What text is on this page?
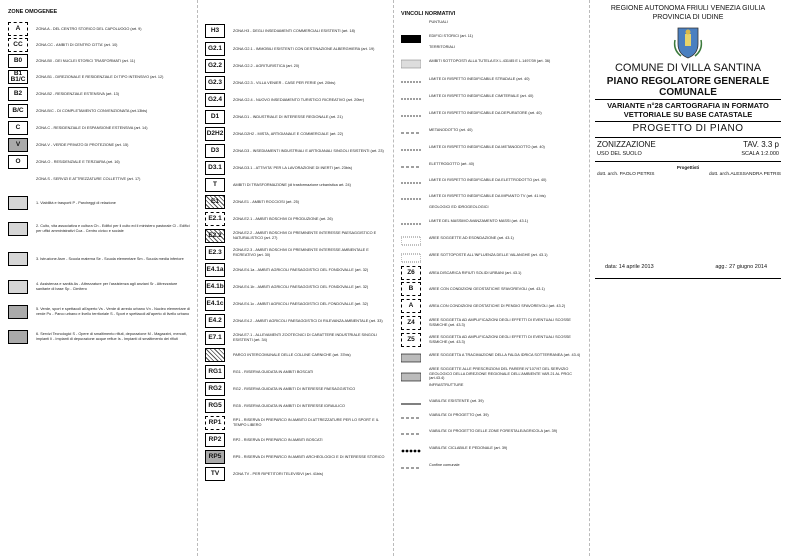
ZONE OMOGENEE
A	ZONA A - DEL CENTRO STORICO DEL CAPOLUOGO (art. 9)
CC	ZONA CC - AMBITI DI CENTRO CITTA' (art. 10)
B0	ZONA B0 - DEI NUCLEI STORICI TRASFORMATI (art. 11)
B1 B1/C	ZONA B1 - DIREZIONALE E RESIDENZIALE DI TIPO INTENSIVO (art. 12)
B2	ZONA B2 - RESIDENZIALE ESTENSIVA (art. 13)
B/C	ZONA B/C - DI COMPLETAMENTO CONVENZIONATA (art.13bis)
C	ZONA C - RESIDENZIALE DI ESPANSIONE ESTENSIVA (art. 14)
V	ZONA V - VERDE PRIVATO DI PROTEZIONE (art. 15)
O	ZONA O - RESIDENZIALE E TERZIARIA (art. 16)
ZONA S - SERVIZI E ATTREZZATURE COLLETTIVE (art. 17)
1. Viabilità e trasporti P - Parcheggi di relazione
2. Culto, vita associativa e cultura Ch - Edifici per il culto ed il ministero pastorale Cl - Edifici per uffici amministrativi Cca - Centro civico e sociale
3. Istruzione Asm - Scuola materna Se - Scuola elementare Sm - Scuola media inferiore
4. Assistenza e sanità As - Attrezzature per l'assistenza agli anziani Sr - Attrezzature sanitarie di base Sp - Cimitero
5. Verde, sport e spettacoli all'aperto Vs - Verde di arredo urbano Vn - Nucleo elementare di verde Pu - Parco urbano e livello territoriale S - Sport e spettacoli all'aperto di livello urbano
6. Servizi Tecnologici S - Opere di smaltimento rifiuti, depurazione M - Magazzini, mercati, impianti Ii - Impianti di depurazione acque reflue Is - Impianti di smaltimento dei rifiuti
H3	ZONA H3 - DEGLI INSEDIAMENTI COMMERCIALI ESISTENTI (art. 18)
G2.1	ZONA G2.1 - IMMOBILI ESISTENTI CON DESTINAZIONE ALBERGHIERA (art. 19)
G2.2	ZONA G2.2 - AGRITURISTICA (art. 20)
G2.3	ZONA G2.3 - VILLA VENIER - CASE PER FERIE (art. 20bis)
G2.4	ZONA G2.4 - NUOVO INSEDIAMENTO TURISTICO RICREATIVO (art. 20ter)
D1	ZONA D1 - INDUSTRIALE DI INTERESSE REGIONALE (art. 21)
D2H2	ZONA D2H2 - MISTA, ARTIGIANALE E COMMERCIALE (art. 22)
D3	ZONA D3 - INSEDIAMENTI INDUSTRIALI E ARTIGIANALI SINGOLI ESISTENTI (art. 23)
D3.1	ZONA D3.1 - ATTIVITA' PER LA LAVORAZIONE DI INERTI (art. 23bis)
T	AMBITI DI TRASFORMAZIONE (di trasformazione urbanistica art. 24)
E1	ZONA E1 - AMBITI ROCCIOSI (art. 25)
E2.1	ZONA E2.1 - AMBITI BOSCHIVI DI PRODUZIONE (art. 26)
E2.2	ZONA E2.2 - AMBITI BOSCHIVI DI PREMINENTE INTERESSE PAESAGGISTICO E NATURALISTICO (art. 27)
E2.3	ZONA E2.3 - AMBITI BOSCHIVI DI PREMINENTE INTERESSE AMBIENTALE E RICREATIVO (art. 30)
E4.1a	ZONA E4.1a - AMBITI AGRICOLI PAESAGGISTICI DEL FONDOVALLE (art. 32)
E4.1b	ZONA E4.1b - AMBITI AGRICOLI PAESAGGISTICI DEL FONDOVALLE (art. 32)
E4.1c	ZONA E4.1c - AMBITI AGRICOLI PAESAGGISTICI DEL FONDOVALLE (art. 32)
E4.2	ZONA E4.2 - AMBITI AGRICOLI PAESAGGISTICI DI RILEVANZA AMBIENTALE (art. 33)
E7.1	ZONA E7.1 - ALLEVAMENTI ZOOTECNICI DI CARATTERE INDUSTRIALE SINGOLI ESISTENTI (art. 34)
PARCO INTERCOMUNALE DELLE COLLINE CARNICHE (art. 37bis)
RG1	RG1 - RISERVA GUIDATA IN AMBITI BOSCATI
RG2	RG2 - RISERVA GUIDATA IN AMBITI DI INTERESSE PAESAGGISTICO
RG5	RG5 - RISERVA GUIDATA IN AMBITI DI INTERESSE IDRAULICO
RP1	RP1 - RISERVA DI PREPARCO IN AMBITO DI ATTREZZATURE PER LO SPORT E IL TEMPO LIBERO
RP2	RP2 - RISERVA DI PREPARCO IN AMBITI BOSCATI
RP5	RP5 - RISERVA DI PREPARCO IN AMBITI ARCHEOLOGICI E DI INTERESSE STORICO
TV	ZONA TV - PER RIPETITORI TELEVISIVI (art. 41bis)
VINCOLI NORMATIVI
PUNTUALI
EDIFICI STORICI (art. 11)
TERRITORIALI
AMBITI SOTTOPOSTI ALLA TUTELA EX L.431/85 E L.1497/39 (art. 36)
LIMITE DI RISPETTO INEDIFICABILE STRADALE (art. 40)
LIMITE DI RISPETTO INEDIFICABILE CIMITERIALE (art. 40)
LIMITE DI RISPETTO INEDIFICABILE DA DEPURATORE (art. 40)
METANODOTTO (art. 40)
LIMITE DI RISPETTO INEDIFICABILE DA METANODOTTO (art. 40)
ELETTRODOTTO (art. 40)
LIMITE DI RISPETTO INEDIFICABILE DA ELETTRODOTTO (art. 40)
LIMITE DI RISPETTO INEDIFICABILE DA IMPIANTO TV (art. 41 bis)
GEOLOGICI ED IDROGEOLOGICI
LIMITE DEL MASSIMO AVANZAMENTO MASSI (art. 43.1)
AREE SOGGETTE AD ESONDAZIONE (art. 43.1)
AREE SOTTOPOSTE ALL'INFLUENZA DELLE VALANGHE (art. 43.1)
Z6	AREA DISCARICA RIFIUTI SOLIDI URBANI (art. 43.1)
B	AREE CON CONDIZIONI GEOSTATICHE SFAVOREVOLI (art. 43.1)
A	AREA CON CONDIZIONI GEOSTATICHE DI PENDIO SFAVOREVOLI (art. 43.2)
Z4	AREE SOGGETTA AD AMPLIFICAZIONI DEGLI EFFETTI DI EVENTUALI SCOSSE SISMICHE (art. 43.3)
Z5	AREE SOGGETTA AD AMPLIFICAZIONI DEGLI EFFETTI DI EVENTUALI SCOSSE SISMICHE (art. 43.3)
AREE SOGGETTA A TRACIMAZIONE DELLA FALDA IDRICA SOTTERRANEA (art. 43.4)
AREE SOGGETTE ALLE PRESCRIZIONI DEL PARERE N°107/97 DEL SERVIZIO GEOLOGICO DELLA DIREZIONE REGIONALE DELL'AMBIENTE VAR.21 AL PRGC (art.43.4)
INFRASTRUTTURE
VIABILITA' ESISTENTE (art. 39)
VIABILITA' DI PROGETTO (art. 39)
VIABILITA' DI PROGETTO DELLE ZONE FORESTALE/AGRICOLA (art. 39)
VIABILITA' CICLABILE E PEDONALE (art. 39)
Confine comunale
REGIONE AUTONOMA FRIULI VENEZIA GIULIA
PROVINCIA DI UDINE
COMUNE DI VILLA SANTINA
PIANO REGOLATORE GENERALE
COMUNALE
VARIANTE n°28 CARTOGRAFIA IN FORMATO
VETTORIALE SU BASE CATASTALE
PROGETTO DI PIANO
ZONIZZAZIONE	TAV. 3.3 p
USO DEL SUOLO	SCALA 1:2.000
Progettisti
dott. arch. PAOLO PETRIS	dott. arch.ALESSANDRA PETRIS
data: 14 aprile 2013	agg.: 27 giugno 2014
